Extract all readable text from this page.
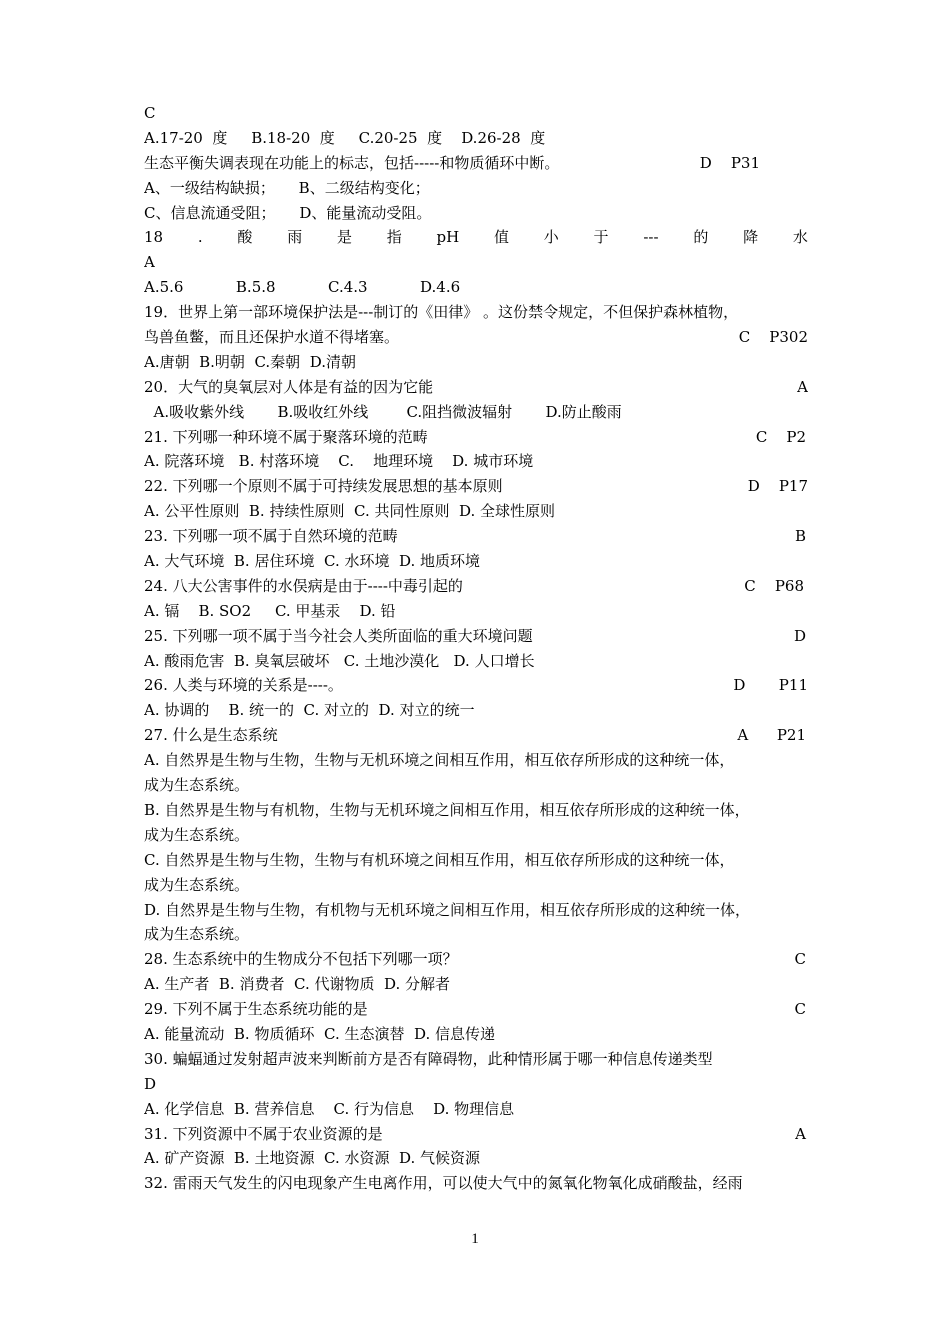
C
A.17-20  度     B.18-20  度     C.20-25  度    D.26-28  度
生态平衡失调表现在功能上的标志，包括-----和物质循环中断。	D    P31
A、一级结构缺损；     B、二级结构变化；
C、信息流通受阻；     D、能量流动受阻。
18 . 酸 雨 是 指 pH 值 小 于 --- 的 降 水
A
A.5.6           B.5.8           C.4.3           D.4.6
19．世界上第一部环境保护法是---制订的《田律》 。这份禁令规定，不但保护森林植物，
鸟兽鱼鳖，而且还保护水道不得堵塞。	C    P302
A.唐朝  B.明朝  C.秦朝  D.清朝
20．大气的臭氧层对人体是有益的因为它能	A
A.吸收紫外线       B.吸收红外线        C.阻挡微波辐射       D.防止酸雨
21. 下列哪一种环境不属于聚落环境的范畴	C    P2
A. 院落环境   B. 村落环境    C.    地理环境    D. 城市环境
22. 下列哪一个原则不属于可持续发展思想的基本原则	D    P17
A. 公平性原则  B. 持续性原则  C. 共同性原则  D. 全球性原则
23. 下列哪一项不属于自然环境的范畴	B
A. 大气环境  B. 居住环境  C. 水环境  D. 地质环境
24. 八大公害事件的水俣病是由于----中毒引起的	C    P68
A. 镉    B. SO2     C. 甲基汞    D. 铅
25. 下列哪一项不属于当今社会人类所面临的重大环境问题	D
A. 酸雨危害  B. 臭氧层破坏   C. 土地沙漠化   D. 人口增长
26. 人类与环境的关系是----。	D       P11
A. 协调的    B. 统一的  C. 对立的  D. 对立的统一
27. 什么是生态系统	A      P21
A. 自然界是生物与生物，生物与无机环境之间相互作用，相互依存所形成的这种统一体，
成为生态系统。
B. 自然界是生物与有机物，生物与无机环境之间相互作用，相互依存所形成的这种统一体，
成为生态系统。
C. 自然界是生物与生物，生物与有机环境之间相互作用，相互依存所形成的这种统一体，
成为生态系统。
D. 自然界是生物与生物，有机物与无机环境之间相互作用，相互依存所形成的这种统一体，
成为生态系统。
28. 生态系统中的生物成分不包括下列哪一项？	C
A. 生产者  B. 消费者  C. 代谢物质  D. 分解者
29. 下列不属于生态系统功能的是	C
A. 能量流动  B. 物质循环  C. 生态演替  D. 信息传递
30. 蝙蝠通过发射超声波来判断前方是否有障碍物，此种情形属于哪一种信息传递类型
D
A. 化学信息  B. 营养信息    C. 行为信息    D. 物理信息
31. 下列资源中不属于农业资源的是	A
A. 矿产资源  B. 土地资源  C. 水资源  D. 气候资源
32. 雷雨天气发生的闪电现象产生电离作用，可以使大气中的氮氧化物氧化成硝酸盐，经雨
1
